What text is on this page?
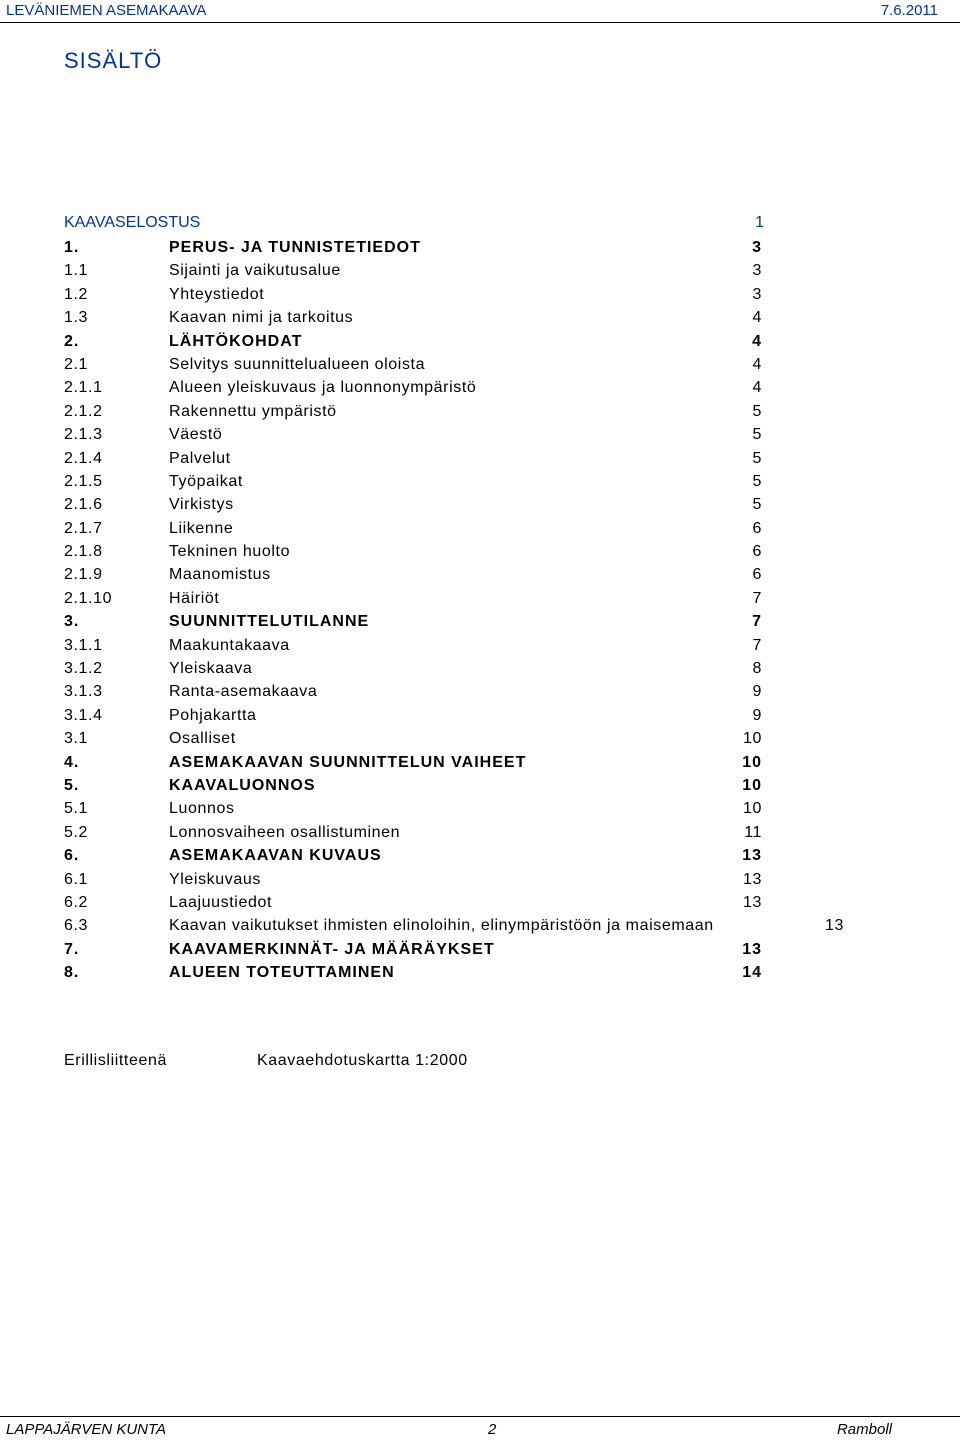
LEVÄNIEMEN ASEMAKAAVA	7.6.2011
SISÄLTÖ
KAAVASELOSTUS	1
1.	PERUS- JA TUNNISTETIEDOT	3
1.1	Sijainti ja vaikutusalue	3
1.2	Yhteystiedot	3
1.3	Kaavan nimi ja tarkoitus	4
2.	LÄHTÖKOHDAT	4
2.1	Selvitys suunnittelualueen oloista	4
2.1.1	Alueen yleiskuvaus ja luonnonympäristö	4
2.1.2	Rakennettu ympäristö	5
2.1.3	Väestö	5
2.1.4	Palvelut	5
2.1.5	Työpaikat	5
2.1.6	Virkistys	5
2.1.7	Liikenne	6
2.1.8	Tekninen huolto	6
2.1.9	Maanomistus	6
2.1.10	Häiriöt	7
3.	SUUNNITTELUTILANNE	7
3.1.1	Maakuntakaava	7
3.1.2	Yleiskaava	8
3.1.3	Ranta-asemakaava	9
3.1.4	Pohjakartta	9
3.1	Osalliset	10
4.	ASEMAKAAVAN SUUNNITTELUN VAIHEET	10
5.	KAAVALUONNOS	10
5.1	Luonnos	10
5.2	Lonnosvaiheen osallistuminen	11
6.	ASEMAKAAVAN KUVAUS	13
6.1	Yleiskuvaus	13
6.2	Laajuustiedot	13
6.3	Kaavan vaikutukset ihmisten elinoloihin, elinympäristöön ja maisemaan	13
7.	KAAVAMERKINNÄT- JA MÄÄRÄYKSET	13
8.	ALUEEN TOTEUTTAMINEN	14
Erillisliitteenä	Kaavaehdotuskartta 1:2000
LAPPAJÄRVEN KUNTA	2	Ramboll
